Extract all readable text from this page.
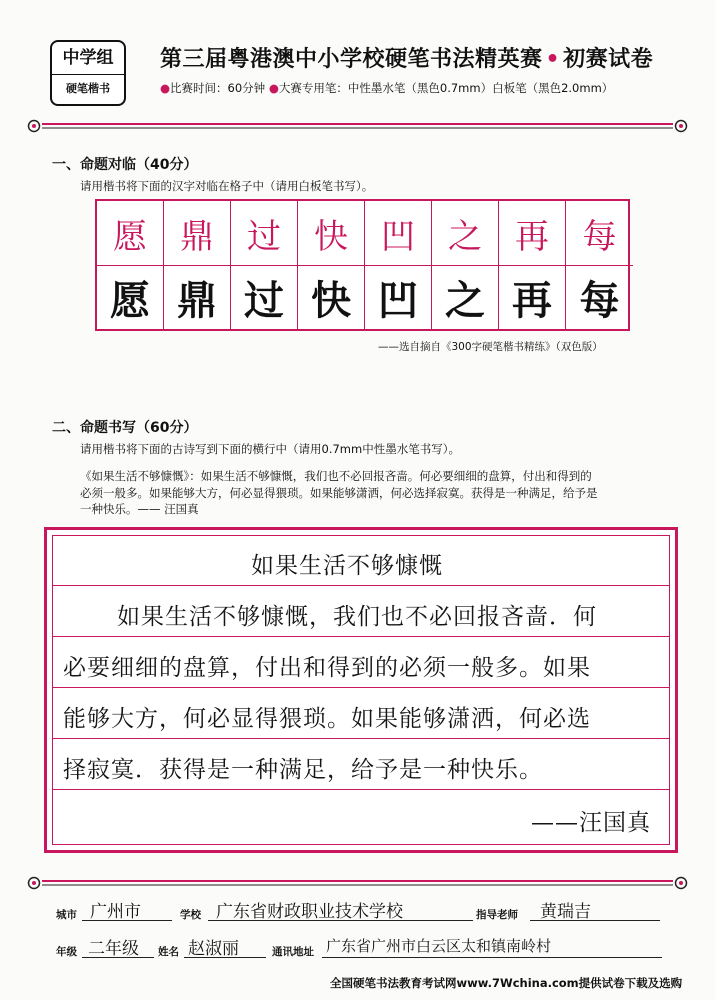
中学组
硬笔楷书
第三届粤港澳中小学校硬笔书法精英赛 • 初赛试卷
●比赛时间：60分钟 ●大赛专用笔：中性墨水笔（黑色0.7mm）白板笔（黑色2.0mm）
一、命题对临（40分）
请用楷书将下面的汉字对临在格子中（请用白板笔书写）。
愿 鼎 过 快 凹 之 再 每
愿 鼎 过 快 凹 之 再 每
——选自摘自《300字硬笔楷书精练》（双色版）
二、命题书写（60分）
请用楷书将下面的古诗写到下面的横行中（请用0.7mm中性墨水笔书写）。
《如果生活不够慷慨》：如果生活不够慷慨，我们也不必回报吝啬。何必要细细的盘算，付出和得到的
必须一般多。如果能够大方，何必显得猥琐。如果能够潇洒，何必选择寂寞。获得是一种满足，给予是
一种快乐。—— 汪国真
如果生活不够慷慨
如果生活不够慷慨，我们也不必回报吝啬．何
必要细细的盘算，付出和得到的必须一般多。如果
能够大方，何必显得猥琐。如果能够潇洒，何必选
择寂寞．获得是一种满足，给予是一种快乐。
——汪国真
城市 广州市	学校 广东省财政职业技术学校	指导老师 黄瑞吉
年级 二年级 姓名 赵淑丽	通讯地址 广东省广州市白云区太和镇南岭村
全国硬笔书法教育考试网www.7Wchina.com提供试卷下载及选购
